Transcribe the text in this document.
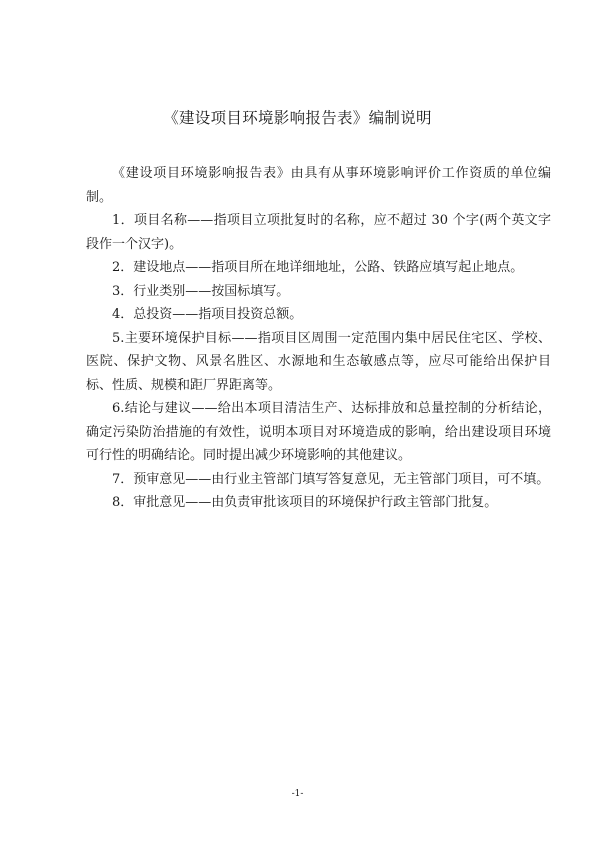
《建设项目环境影响报告表》编制说明

《建设项目环境影响报告表》由具有从事环境影响评价工作资质的单位编制。

1．项目名称——指项目立项批复时的名称，应不超过 30 个字(两个英文字段作一个汉字)。

2．建设地点——指项目所在地详细地址，公路、铁路应填写起止地点。

3．行业类别——按国标填写。

4．总投资——指项目投资总额。

5.主要环境保护目标——指项目区周围一定范围内集中居民住宅区、学校、医院、保护文物、风景名胜区、水源地和生态敏感点等，应尽可能给出保护目标、性质、规模和距厂界距离等。

6.结论与建议——给出本项目清洁生产、达标排放和总量控制的分析结论，确定污染防治措施的有效性，说明本项目对环境造成的影响，给出建设项目环境可行性的明确结论。同时提出减少环境影响的其他建议。

7．预审意见——由行业主管部门填写答复意见，无主管部门项目，可不填。

8．审批意见——由负责审批该项目的环境保护行政主管部门批复。

-1-
